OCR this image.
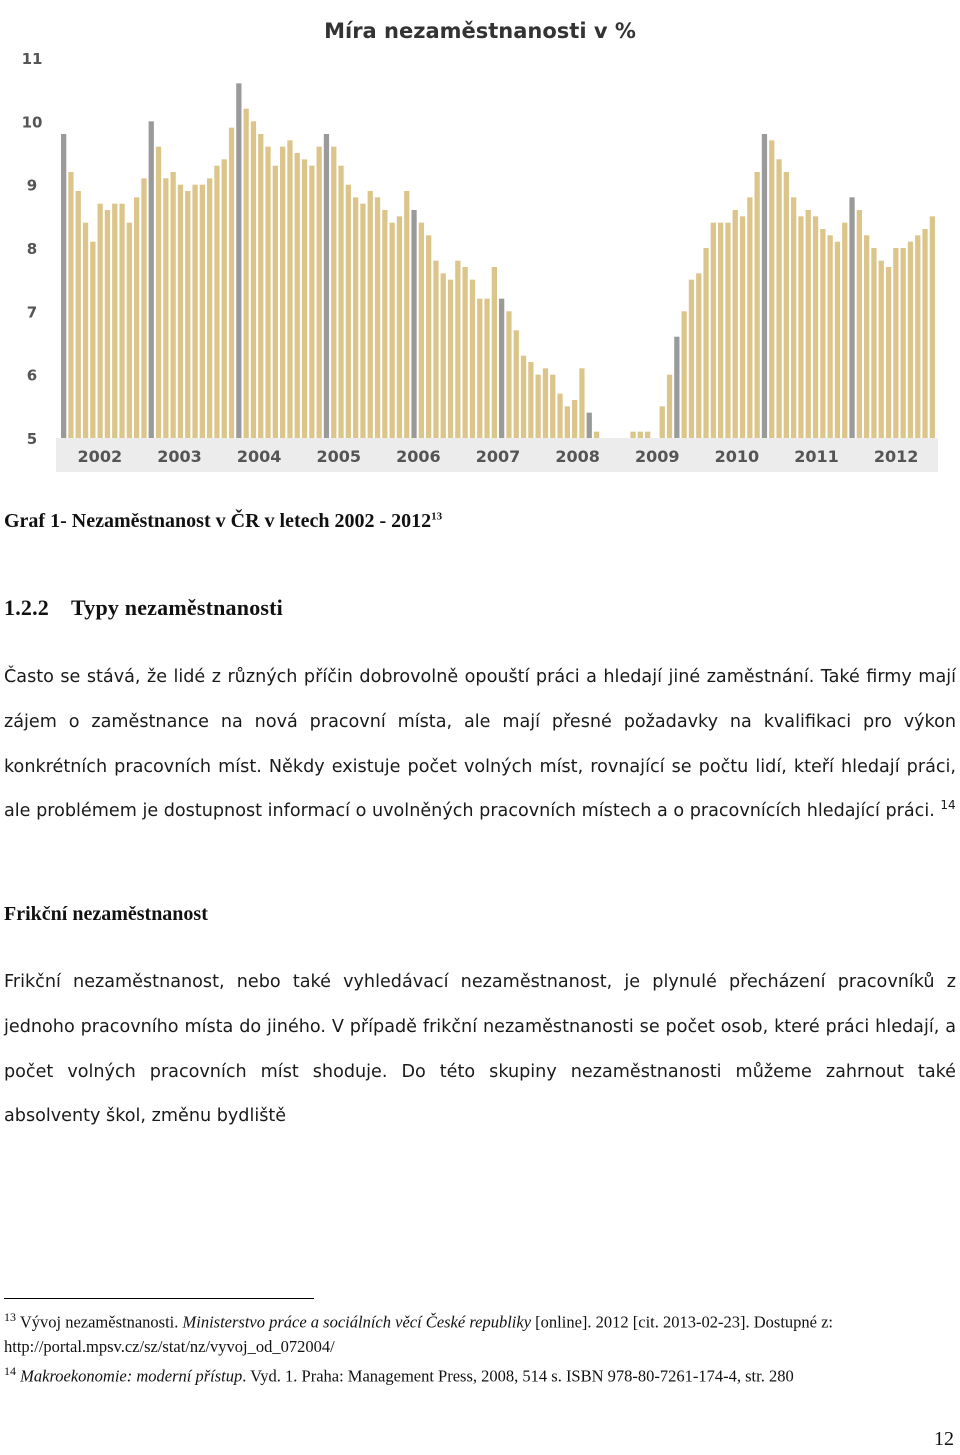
Míra nezaměstnanosti v %
5
6
7
8
9
10
11
2002 2003 2004 2005 2006 2007 2008 2009 2010 2011 2012
Graf 1- Nezaměstnanost v ČR v letech 2002 - 2012$^{13}$
1.2.2 Typy nezaměstnanosti
Často se stává, že lidé z různých příčin dobrovolně opouští práci a hledají jiné zaměstnání. Také firmy mají zájem o zaměstnance na nová pracovní místa, ale mají přesné požadavky na kvalifikaci pro výkon konkrétních pracovních míst. Někdy existuje počet volných míst, rovnající se počtu lidí, kteří hledají práci, ale problémem je dostupnost informací o uvolněných pracovních místech a o pracovnících hledající práci. $^{14}$
Frikční nezaměstnanost
Frikční nezaměstnanost, nebo také vyhledávací nezaměstnanost, je plynulé přecházení pracovníků z jednoho pracovního místa do jiného. V případě frikční nezaměstnanosti se počet osob, které práci hledají, a počet volných pracovních míst shoduje. Do této skupiny nezaměstnanosti můžeme zahrnout také absolventy škol, změnu bydliště
$^{13}$ Vývoj nezaměstnanosti. Ministerstvo práce a sociálních věcí České republiky [online]. 2012 [cit. 2013-02-23]. Dostupné z: http://portal.mpsv.cz/sz/stat/nz/vyvoj_od_072004/
$^{14}$ Makroekonomie: moderní přístup. Vyd. 1. Praha: Management Press, 2008, 514 s. ISBN 978-80-7261-174-4, str. 280
12
